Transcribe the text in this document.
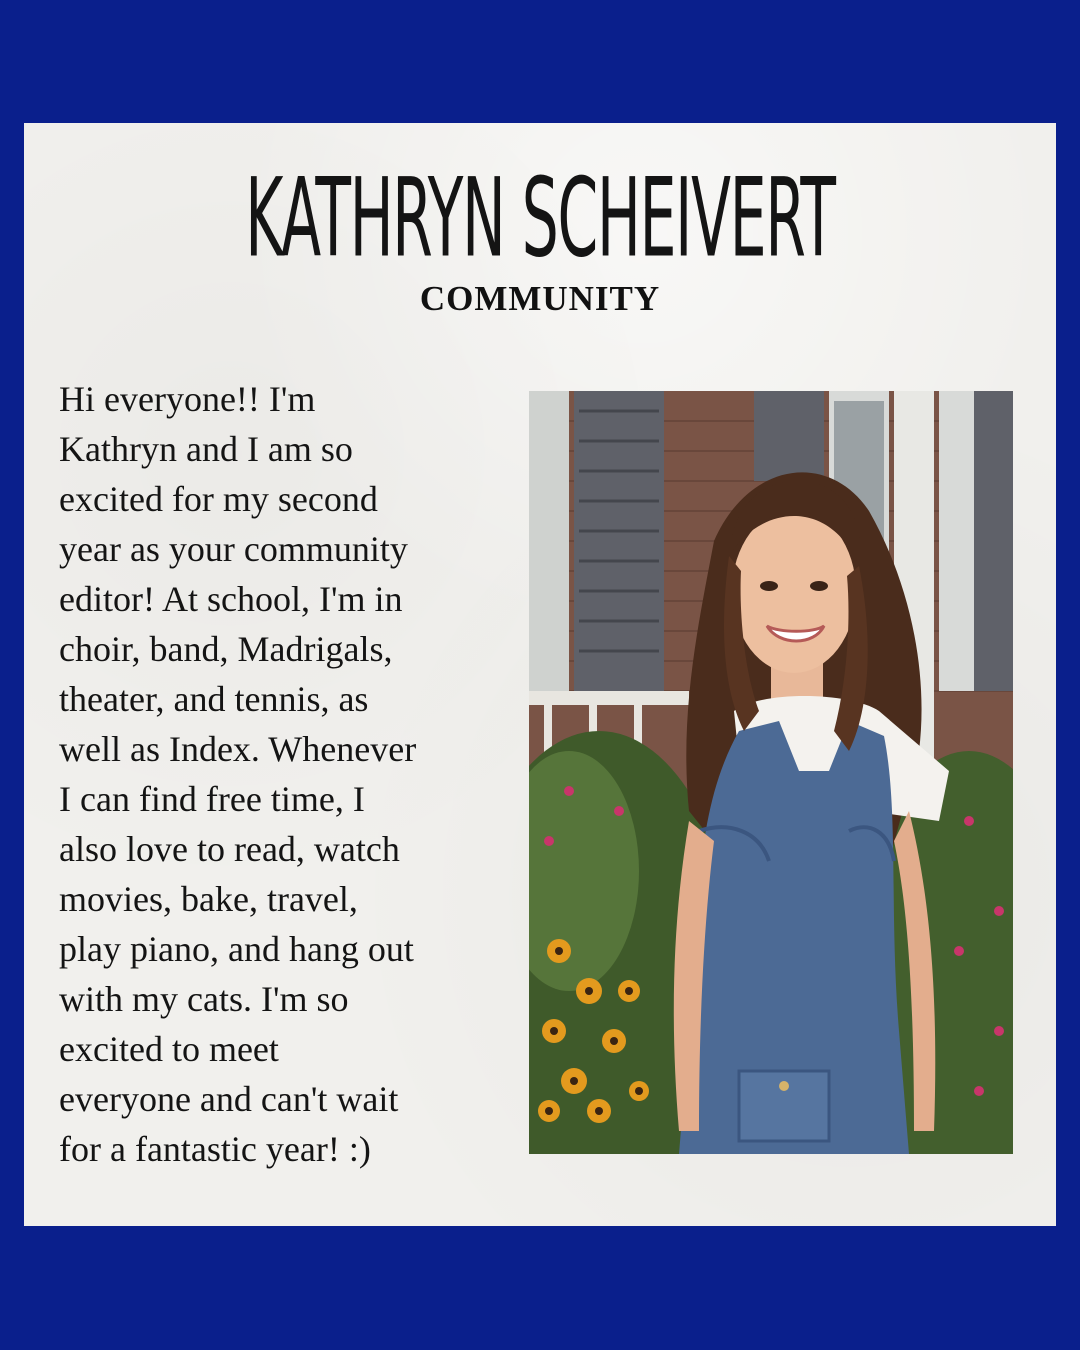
KATHRYN SCHEIVERT
COMMUNITY
Hi everyone!! I'm
Kathryn and I am so
excited for my second
year as your community
editor! At school, I'm in
choir, band, Madrigals,
theater, and tennis, as
well as Index. Whenever
I can find free time, I
also love to read, watch
movies, bake, travel,
play piano, and hang out
with my cats. I'm so
excited to meet
everyone and can't wait
for a fantastic year! :)
